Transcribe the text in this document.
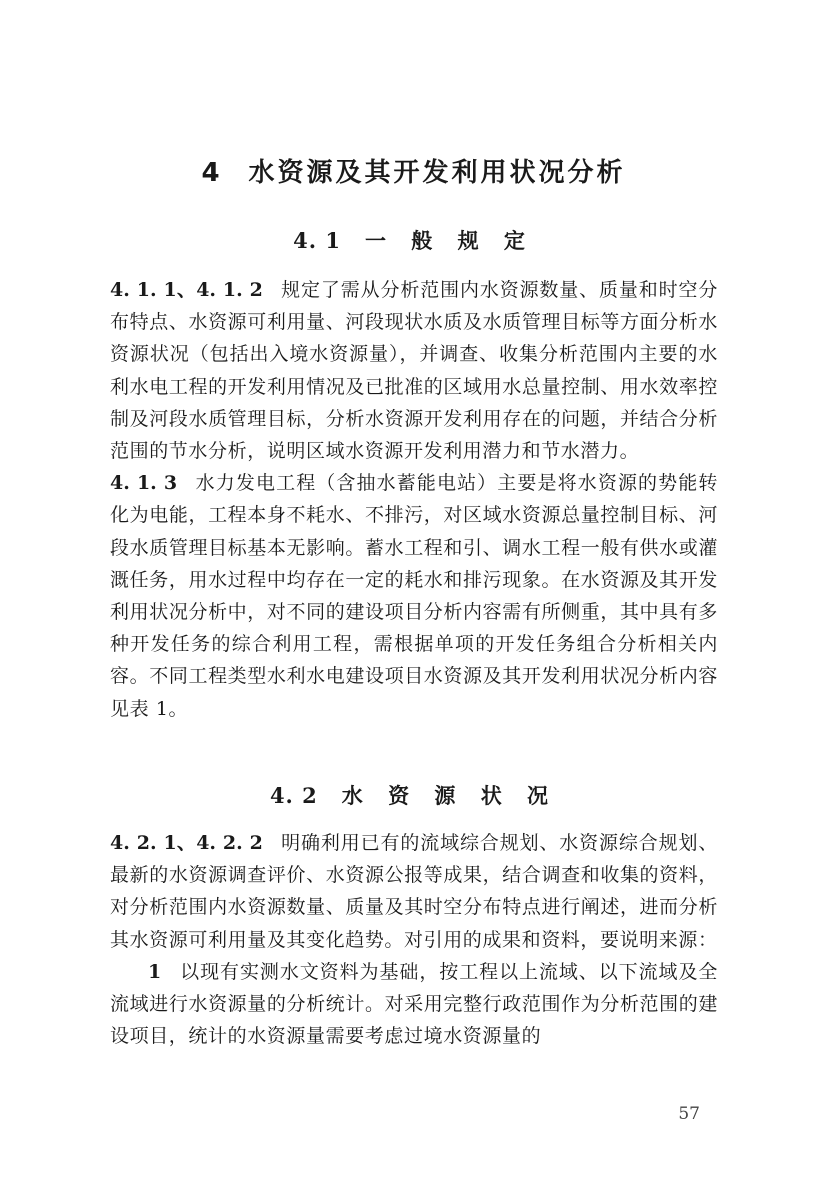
4 水资源及其开发利用状况分析
4. 1 一 般 规 定

4. 1. 1、4. 1. 2 规定了需从分析范围内水资源数量、质量和时空分布特点、水资源可利用量、河段现状水质及水质管理目标等方面分析水资源状况（包括出入境水资源量），并调查、收集分析范围内主要的水利水电工程的开发利用情况及已批准的区域用水总量控制、用水效率控制及河段水质管理目标，分析水资源开发利用存在的问题，并结合分析范围的节水分析，说明区域水资源开发利用潜力和节水潜力。

4. 1. 3 水力发电工程（含抽水蓄能电站）主要是将水资源的势能转化为电能，工程本身不耗水、不排污，对区域水资源总量控制目标、河段水质管理目标基本无影响。蓄水工程和引、调水工程一般有供水或灌溉任务，用水过程中均存在一定的耗水和排污现象。在水资源及其开发利用状况分析中，对不同的建设项目分析内容需有所侧重，其中具有多种开发任务的综合利用工程，需根据单项的开发任务组合分析相关内容。不同工程类型水利水电建设项目水资源及其开发利用状况分析内容见表 1。

4. 2 水 资 源 状 况

4. 2. 1、4. 2. 2 明确利用已有的流域综合规划、水资源综合规划、最新的水资源调查评价、水资源公报等成果，结合调查和收集的资料，对分析范围内水资源数量、质量及其时空分布特点进行阐述，进而分析其水资源可利用量及其变化趋势。对引用的成果和资料，要说明来源：

1 以现有实测水文资料为基础，按工程以上流域、以下流域及全流域进行水资源量的分析统计。对采用完整行政范围作为分析范围的建设项目，统计的水资源量需要考虑过境水资源量的

57
